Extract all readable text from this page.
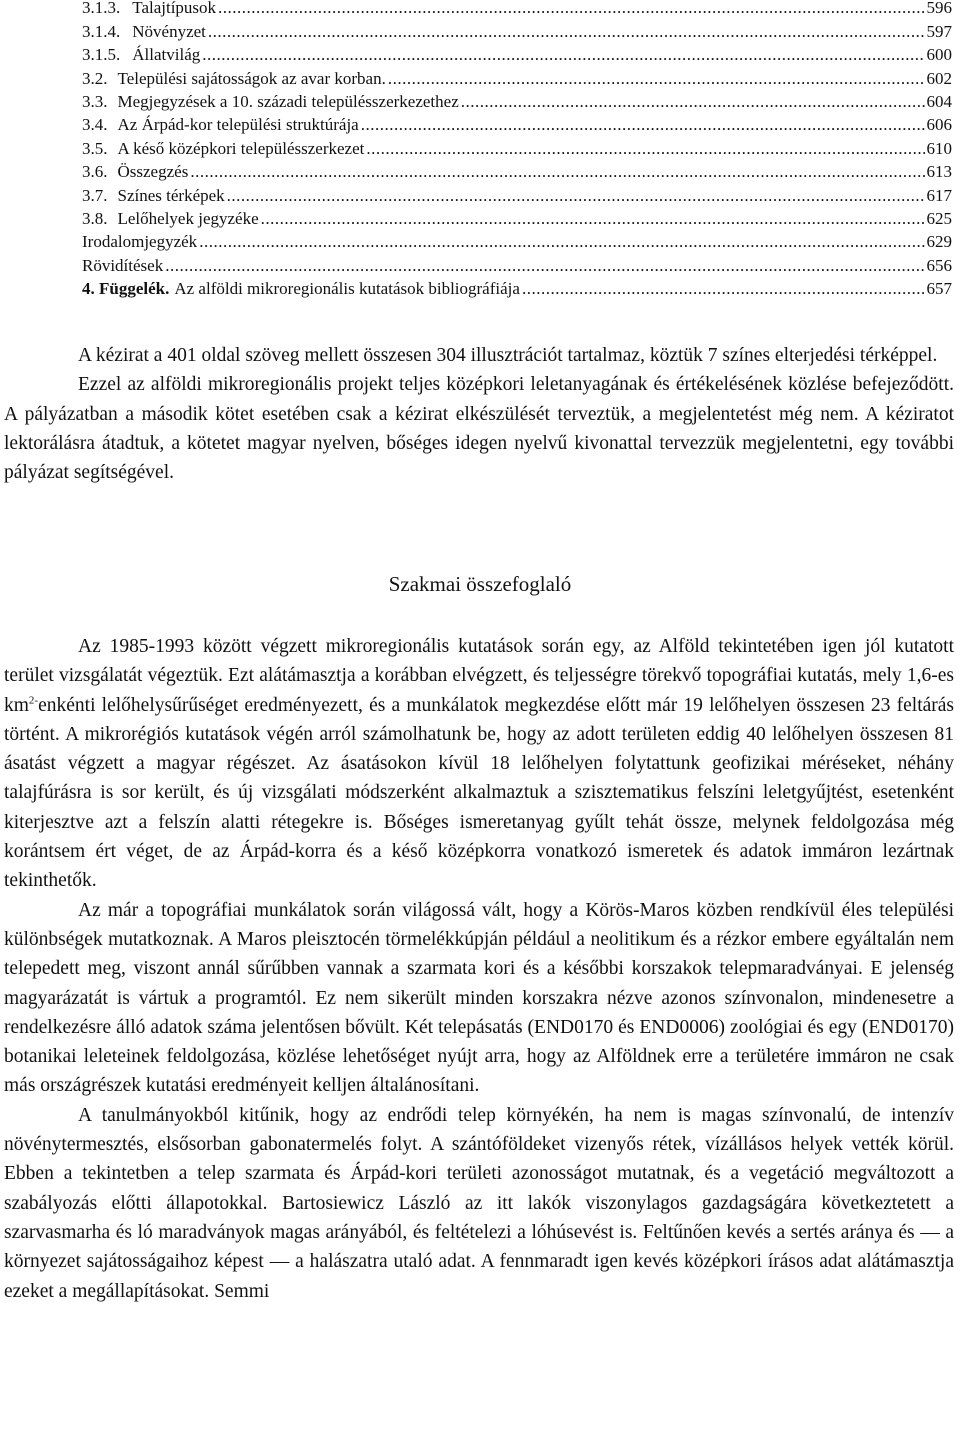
3.1.3. Talajtípusok .....	596
3.1.4. Növényzet .....	597
3.1.5. Állatvilág .....	600
3.2. Települési sajátosságok az avar korban. .....	602
3.3. Megjegyzések a 10. századi településszerkezethez .....	604
3.4. Az Árpád-kor települési struktúrája .....	606
3.5. A késő középkori településszerkezet .....	610
3.6. Összegzés .....	613
3.7. Színes térképek .....	617
3.8. Lelőhelyek jegyzéke .....	625
Irodalomjegyzék .....	629
Rövidítések .....	656
4. Függelék. Az alföldi mikroregionális kutatások bibliográfiája .....	657

A kézirat a 401 oldal szöveg mellett összesen 304 illusztrációt tartalmaz, köztük 7 színes elterjedési térképpel.

Ezzel az alföldi mikroregionális projekt teljes középkori leletanyagának és értékelésének közlése befejeződött. A pályázatban a második kötet esetében csak a kézirat elkészülését terveztük, a megjelentetést még nem. A kéziratot lektorálásra átadtuk, a kötetet magyar nyelven, bőséges idegen nyelvű kivonattal tervezzük megjelentetni, egy további pályázat segítségével.

Szakmai összefoglaló

Az 1985-1993 között végzett mikroregionális kutatások során egy, az Alföld tekintetében igen jól kutatott terület vizsgálatát végeztük. Ezt alátámasztja a korábban elvégzett, és teljességre törekvő topográfiai kutatás, mely 1,6-es $km^{2-}enkénti$ lelőhelysűrűséget eredményezett, és a munkálatok megkezdése előtt már 19 lelőhelyen összesen 23 feltárás történt. A mikrorégiós kutatások végén arról számolhatunk be, hogy az adott területen eddig 40 lelőhelyen összesen 81 ásatást végzett a magyar régészet. Az ásatásokon kívül 18 lelőhelyen folytattunk geofizikai méréseket, néhány talajfúrásra is sor került, és új vizsgálati módszerként alkalmaztuk a szisztematikus felszíni leletgyűjtést, esetenként kiterjesztve azt a felszín alatti rétegekre is. Bőséges ismeretanyag gyűlt tehát össze, melynek feldolgozása még korántsem ért véget, de az Árpád-korra és a késő középkorra vonatkozó ismeretek és adatok immáron lezártnak tekinthetők.

Az már a topográfiai munkálatok során világossá vált, hogy a Körös-Maros közben rendkívül éles települési különbségek mutatkoznak. A Maros pleisztocén törmelékkúpján például a neolitikum és a rézkor embere egyáltalán nem telepedett meg, viszont annál sűrűbben vannak a szarmata kori és a későbbi korszakok telepmaradványai. E jelenség magyarázatát is vártuk a programtól. Ez nem sikerült minden korszakra nézve azonos színvonalon, mindenesetre a rendelkezésre álló adatok száma jelentősen bővült. Két telepásatás (END0170 és END0006) zoológiai és egy (END0170) botanikai leleteinek feldolgozása, közlése lehetőséget nyújt arra, hogy az Alföldnek erre a területére immáron ne csak más országrészek kutatási eredményeit kelljen általánosítani.

A tanulmányokból kitűnik, hogy az endrődi telep környékén, ha nem is magas színvonalú, de intenzív növénytermesztés, elsősorban gabonatermelés folyt. A szántóföldeket vizenyős rétek, vízállásos helyek vették körül. Ebben a tekintetben a telep szarmata és Árpád-kori területi azonosságot mutatnak, és a vegetáció megváltozott a szabályozás előtti állapotokkal. Bartosiewicz László az itt lakók viszonylagos gazdagságára következtetett a szarvasmarha és ló maradványok magas arányából, és feltételezi a lóhúsevést is. Feltűnően kevés a sertés aránya és — a környezet sajátosságaihoz képest — a halászatra utaló adat. A fennmaradt igen kevés középkori írásos adat alátámasztja ezeket a megállapításokat. Semmi
